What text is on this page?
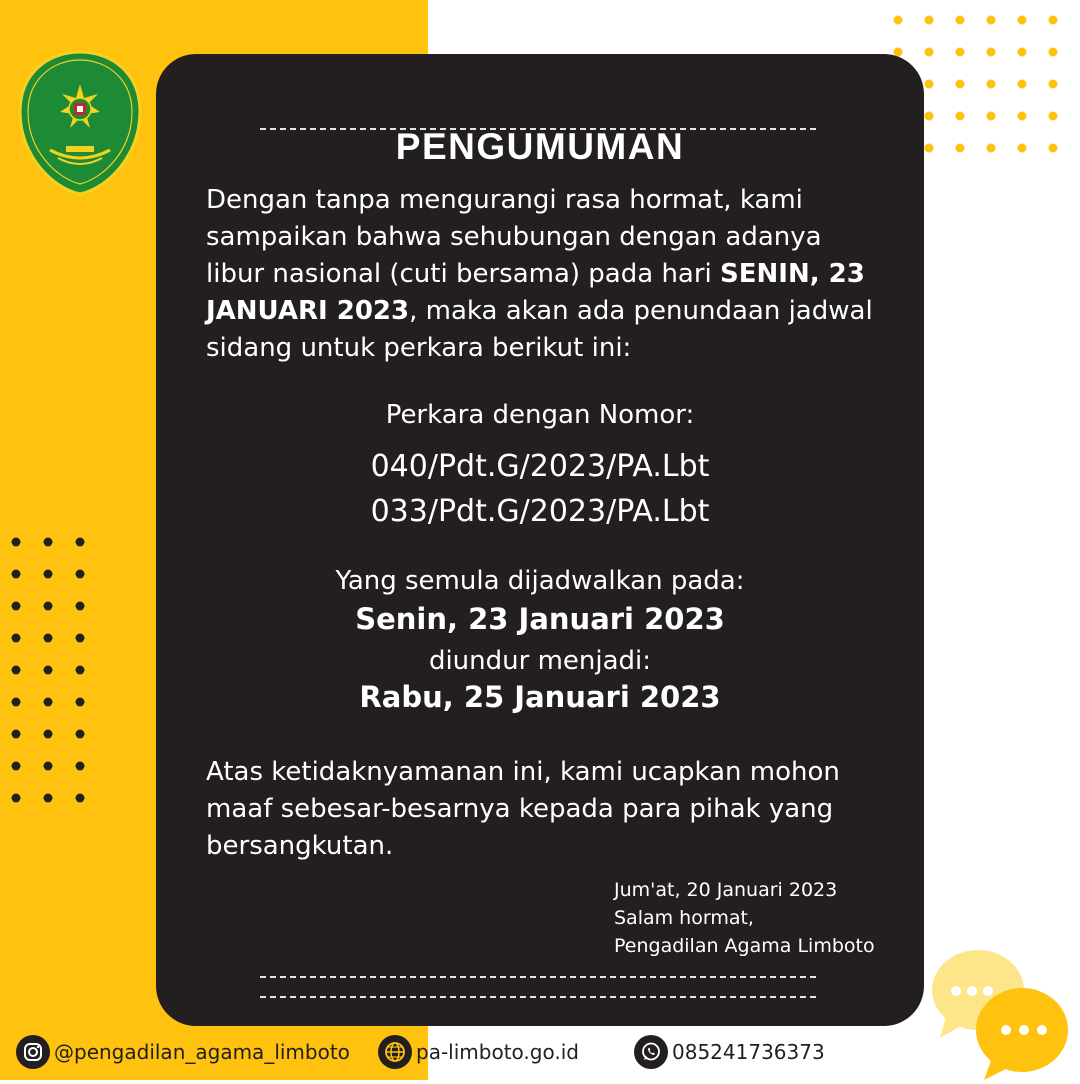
PENGUMUMAN
Dengan tanpa mengurangi rasa hormat, kami sampaikan bahwa sehubungan dengan adanya libur nasional (cuti bersama) pada hari SENIN, 23 JANUARI 2023, maka akan ada penundaan jadwal sidang untuk perkara berikut ini:
Perkara dengan Nomor:
040/Pdt.G/2023/PA.Lbt
033/Pdt.G/2023/PA.Lbt
Yang semula dijadwalkan pada:
Senin, 23 Januari 2023
diundur menjadi:
Rabu, 25 Januari 2023
Atas ketidaknyamanan ini, kami ucapkan mohon maaf sebesar-besarnya kepada para pihak yang bersangkutan.
Jum'at, 20 Januari 2023
Salam hormat,
Pengadilan Agama Limboto
@pengadilan_agama_limboto	pa-limboto.go.id	085241736373
